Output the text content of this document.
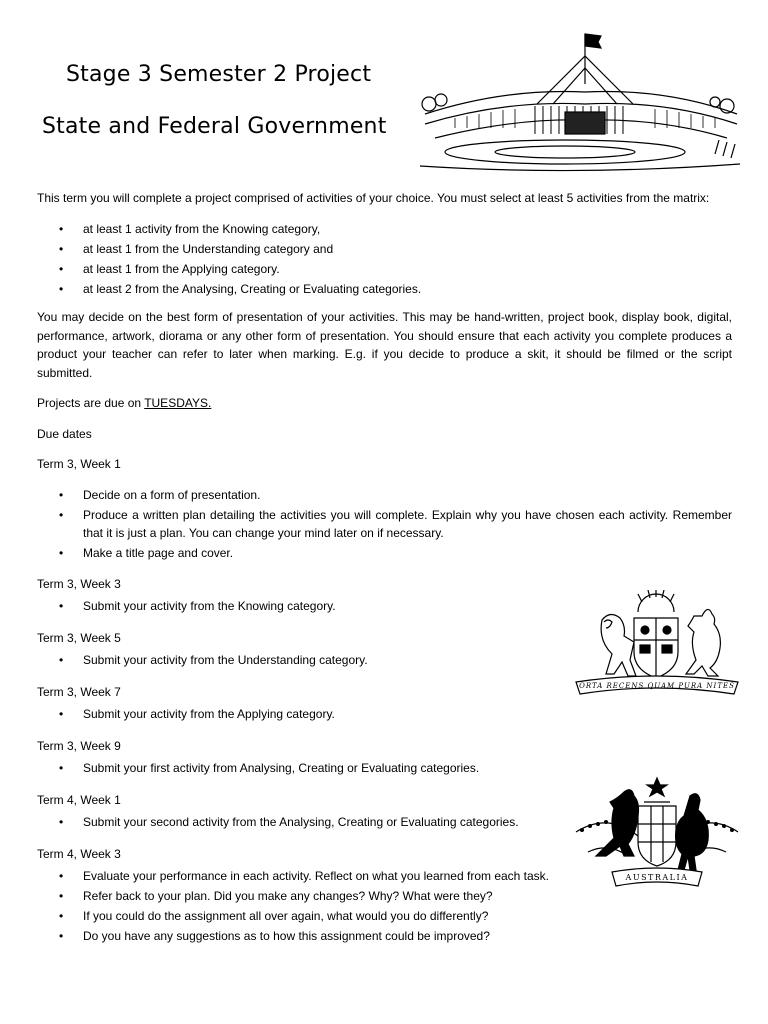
Stage 3 Semester 2 Project
State and Federal Government

This term you will complete a project comprised of activities of your choice. You must select at least 5 activities from the matrix:

• at least 1 activity from the Knowing category,
• at least 1 from the Understanding category and
• at least 1 from the Applying category.
• at least 2 from the Analysing, Creating or Evaluating categories.

You may decide on the best form of presentation of your activities. This may be hand-written, project book, display book, digital, performance, artwork, diorama or any other form of presentation. You should ensure that each activity you complete produces a product your teacher can refer to later when marking. E.g. if you decide to produce a skit, it should be filmed or the script submitted.

Projects are due on TUESDAYS.

Due dates

Term 3, Week 1

• Decide on a form of presentation.
• Produce a written plan detailing the activities you will complete. Explain why you have chosen each activity. Remember that it is just a plan. You can change your mind later on if necessary.
• Make a title page and cover.

Term 3, Week 3

• Submit your activity from the Knowing category.

Term 3, Week 5

• Submit your activity from the Understanding category.

Term 3, Week 7

• Submit your activity from the Applying category.

Term 3, Week 9

• Submit your first activity from Analysing, Creating or Evaluating categories.

Term 4, Week 1

• Submit your second activity from the Analysing, Creating or Evaluating categories.

Term 4, Week 3

• Evaluate your performance in each activity. Reflect on what you learned from each task.
• Refer back to your plan. Did you make any changes? Why? What were they?
• If you could do the assignment all over again, what would you do differently?
• Do you have any suggestions as to how this assignment could be improved?
ORTA RECENS QUAM PURA NITES
AUSTRALIA
